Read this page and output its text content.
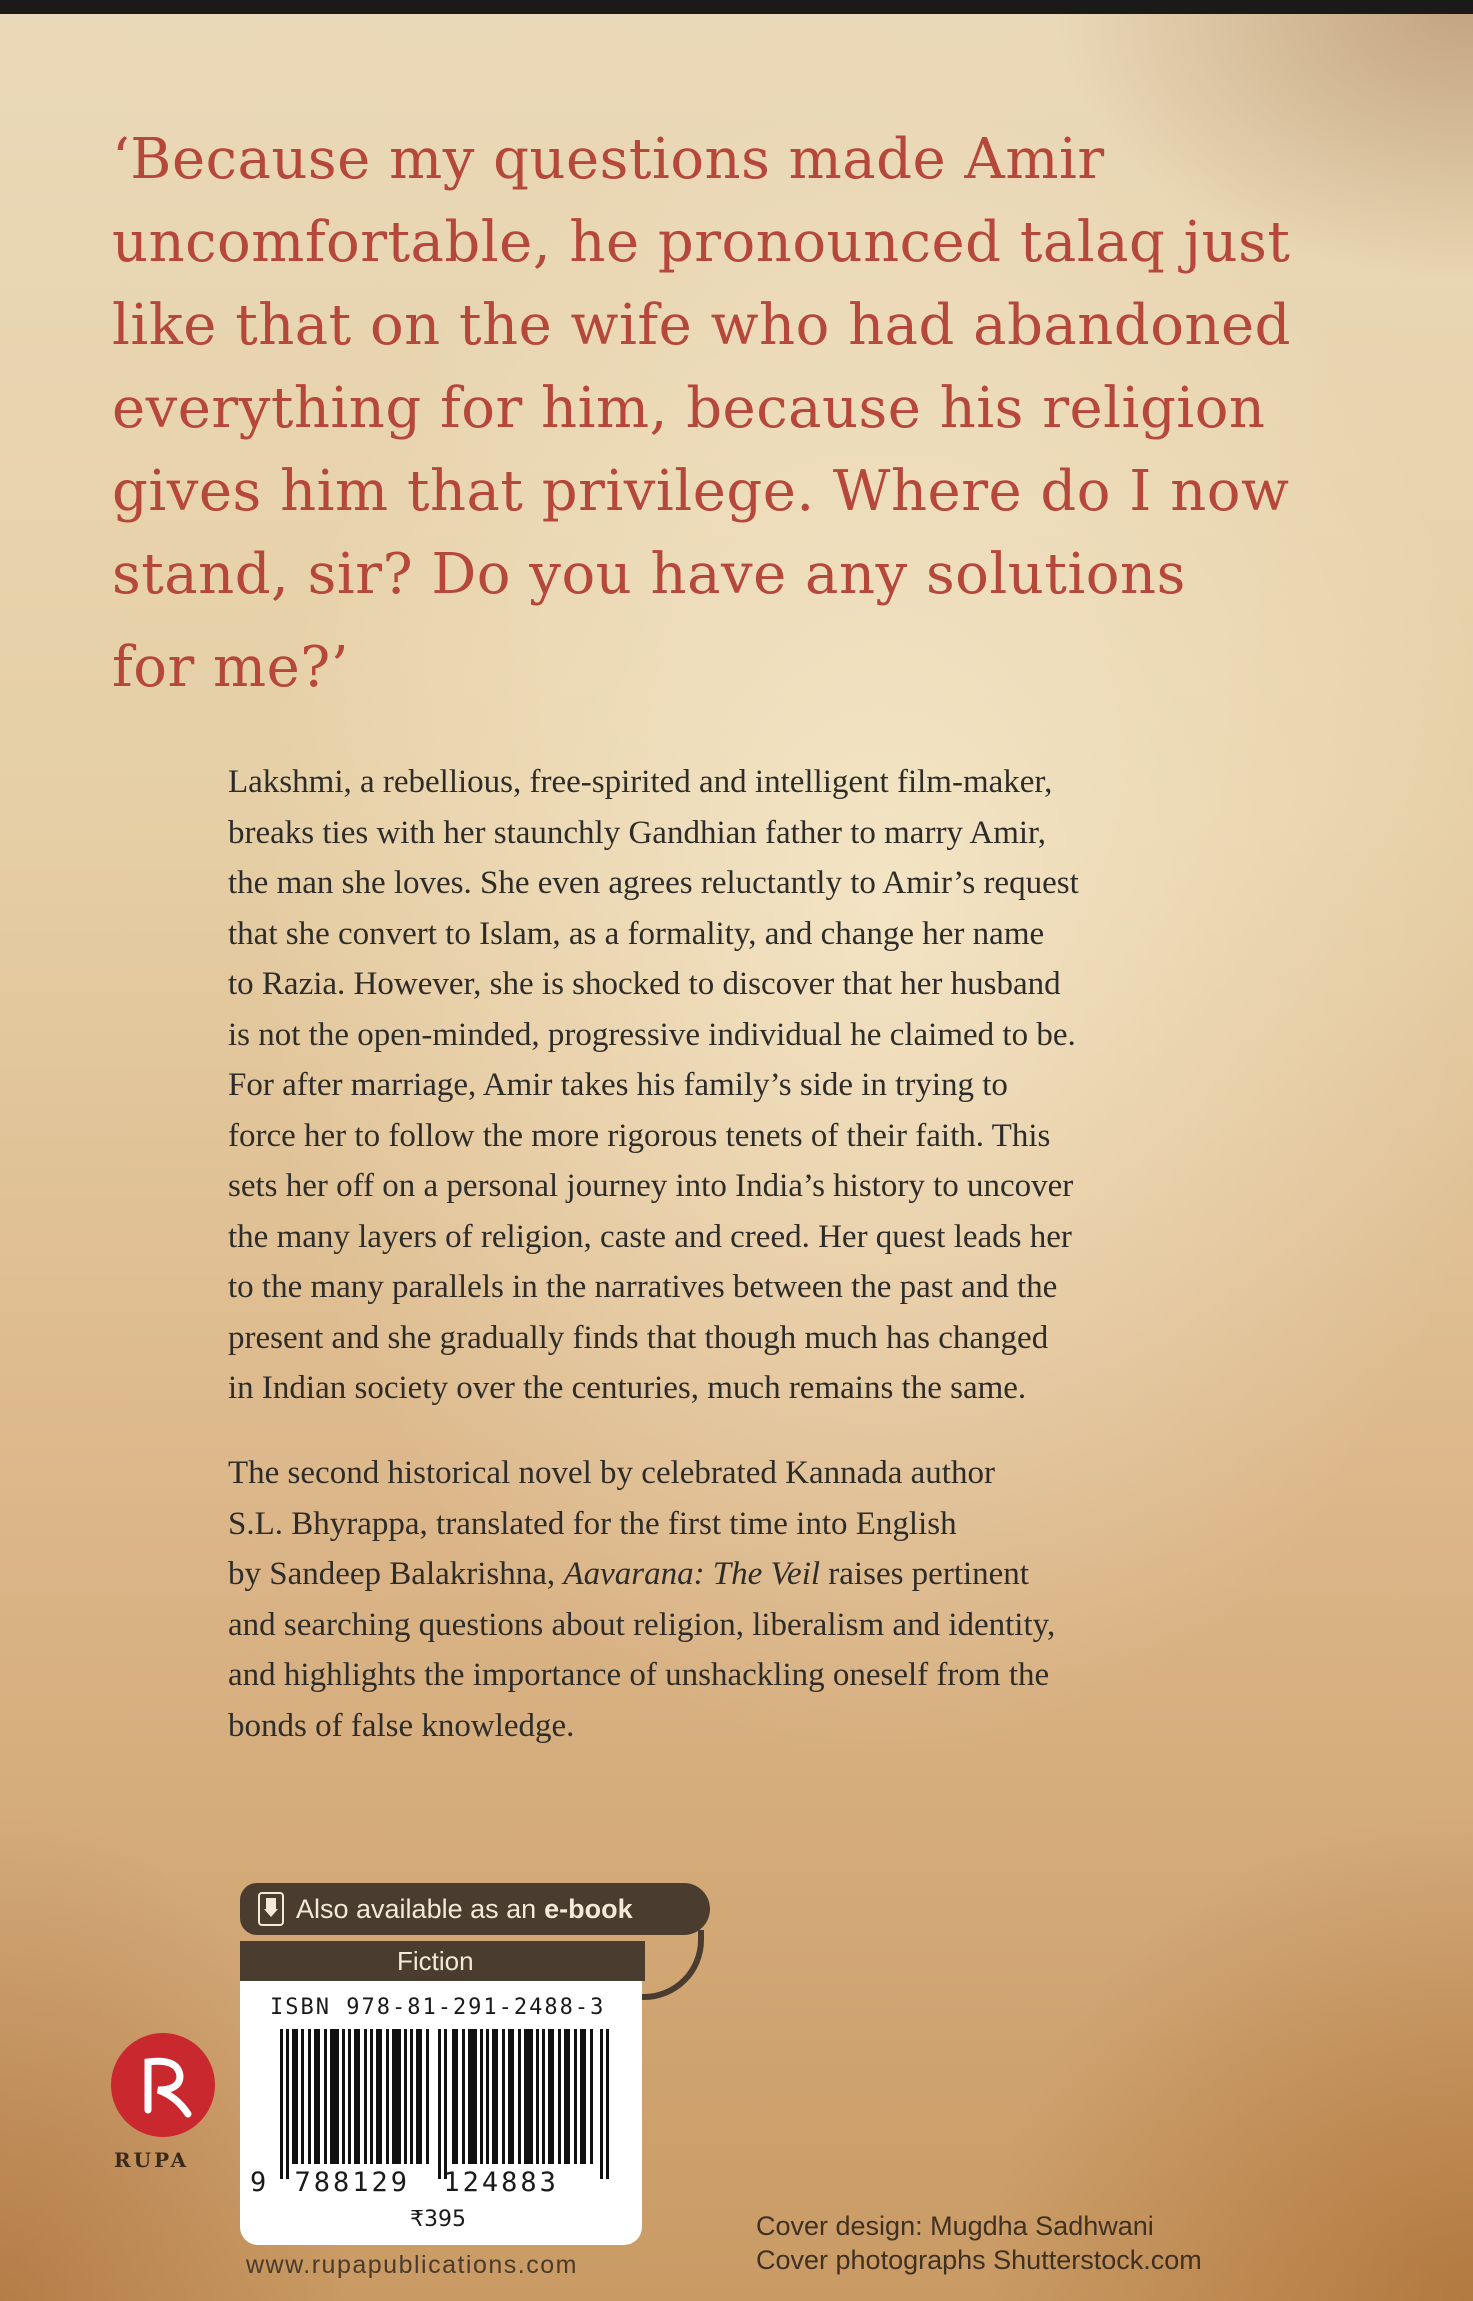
‘Because my questions made Amir
uncomfortable, he pronounced talaq just
like that on the wife who had abandoned
everything for him, because his religion
gives him that privilege. Where do I now
stand, sir? Do you have any solutions
for me?’

Lakshmi, a rebellious, free-spirited and intelligent film-maker,
breaks ties with her staunchly Gandhian father to marry Amir,
the man she loves. She even agrees reluctantly to Amir’s request
that she convert to Islam, as a formality, and change her name
to Razia. However, she is shocked to discover that her husband
is not the open-minded, progressive individual he claimed to be.
For after marriage, Amir takes his family’s side in trying to
force her to follow the more rigorous tenets of their faith. This
sets her off on a personal journey into India’s history to uncover
the many layers of religion, caste and creed. Her quest leads her
to the many parallels in the narratives between the past and the
present and she gradually finds that though much has changed
in Indian society over the centuries, much remains the same.

The second historical novel by celebrated Kannada author
S.L. Bhyrappa, translated for the first time into English
by Sandeep Balakrishna, Aavarana: The Veil raises pertinent
and searching questions about religion, liberalism and identity,
and highlights the importance of unshackling oneself from the
bonds of false knowledge.

Also available as an e-book
Fiction
ISBN 978-81-291-2488-3
9 788129 124883
₹395
RUPA
Cover design: Mugdha Sadhwani
Cover photographs Shutterstock.com
www.rupapublications.com
